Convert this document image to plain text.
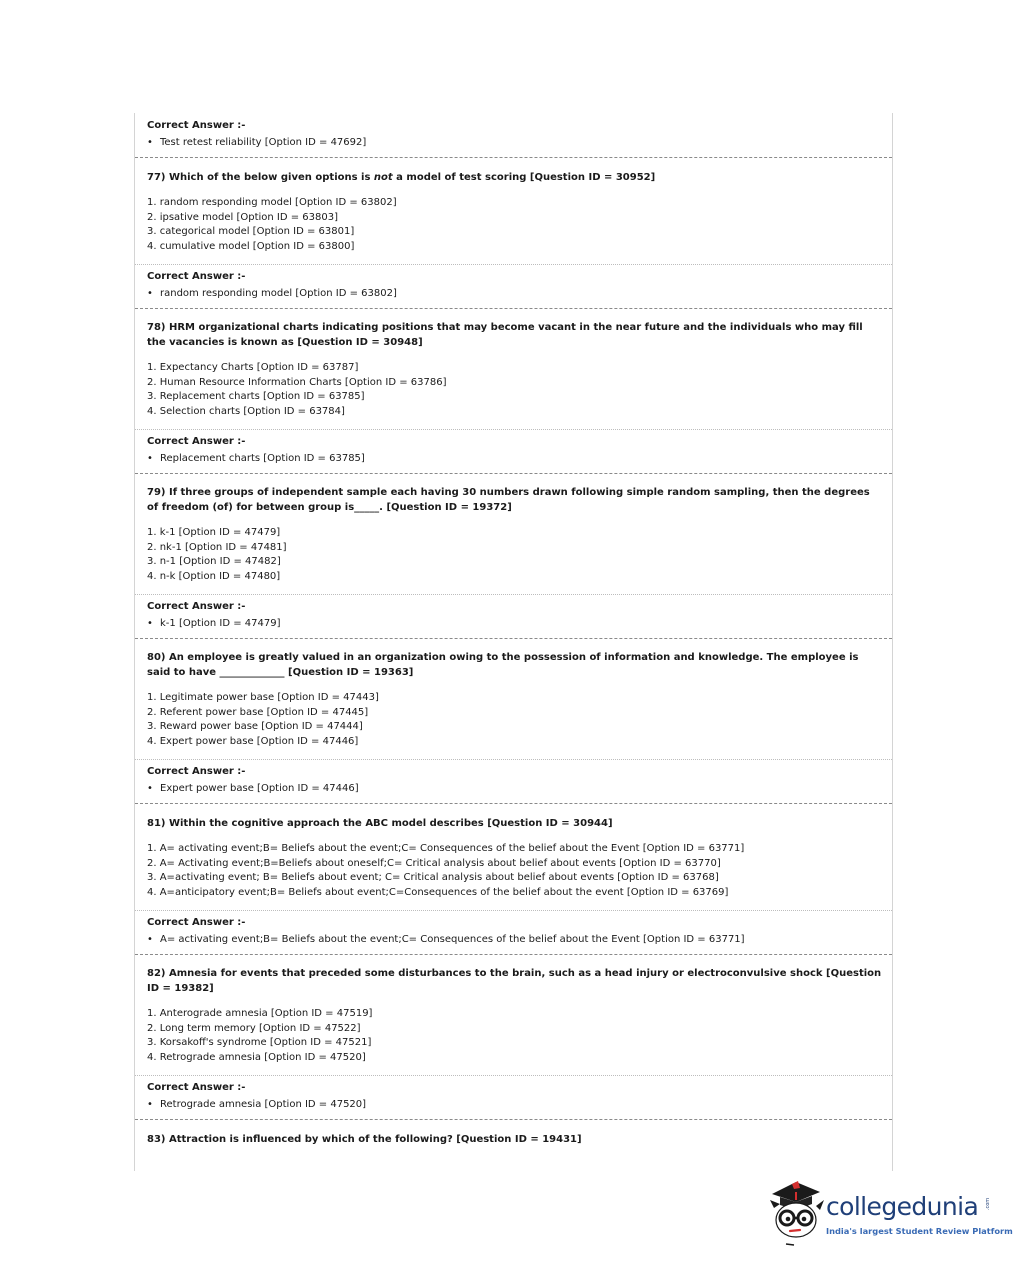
Correct Answer :-
• Test retest reliability [Option ID = 47692]
77) Which of the below given options is not a model of test scoring [Question ID = 30952]
1. random responding model [Option ID = 63802]
2. ipsative model [Option ID = 63803]
3. categorical model [Option ID = 63801]
4. cumulative model [Option ID = 63800]
Correct Answer :-
• random responding model [Option ID = 63802]
78) HRM organizational charts indicating positions that may become vacant in the near future and the individuals who may fill the vacancies is known as [Question ID = 30948]
1. Expectancy Charts [Option ID = 63787]
2. Human Resource Information Charts [Option ID = 63786]
3. Replacement charts [Option ID = 63785]
4. Selection charts [Option ID = 63784]
Correct Answer :-
• Replacement charts [Option ID = 63785]
79) If three groups of independent sample each having 30 numbers drawn following simple random sampling, then the degrees of freedom (of) for between group is_____. [Question ID = 19372]
1. k-1 [Option ID = 47479]
2. nk-1 [Option ID = 47481]
3. n-1 [Option ID = 47482]
4. n-k [Option ID = 47480]
Correct Answer :-
• k-1 [Option ID = 47479]
80) An employee is greatly valued in an organization owing to the possession of information and knowledge. The employee is said to have _____________ [Question ID = 19363]
1. Legitimate power base [Option ID = 47443]
2. Referent power base [Option ID = 47445]
3. Reward power base [Option ID = 47444]
4. Expert power base [Option ID = 47446]
Correct Answer :-
• Expert power base [Option ID = 47446]
81) Within the cognitive approach the ABC model describes [Question ID = 30944]
1. A= activating event;B= Beliefs about the event;C= Consequences of the belief about the Event [Option ID = 63771]
2. A= Activating event;B=Beliefs about oneself;C= Critical analysis about belief about events [Option ID = 63770]
3. A=activating event; B= Beliefs about event; C= Critical analysis about belief about events [Option ID = 63768]
4. A=anticipatory event;B= Beliefs about event;C=Consequences of the belief about the event [Option ID = 63769]
Correct Answer :-
• A= activating event;B= Beliefs about the event;C= Consequences of the belief about the Event [Option ID = 63771]
82) Amnesia for events that preceded some disturbances to the brain, such as a head injury or electroconvulsive shock [Question ID = 19382]
1. Anterograde amnesia [Option ID = 47519]
2. Long term memory [Option ID = 47522]
3. Korsakoff's syndrome [Option ID = 47521]
4. Retrograde amnesia [Option ID = 47520]
Correct Answer :-
• Retrograde amnesia [Option ID = 47520]
83) Attraction is influenced by which of the following? [Question ID = 19431]
collegedunia .com
India's largest Student Review Platform
